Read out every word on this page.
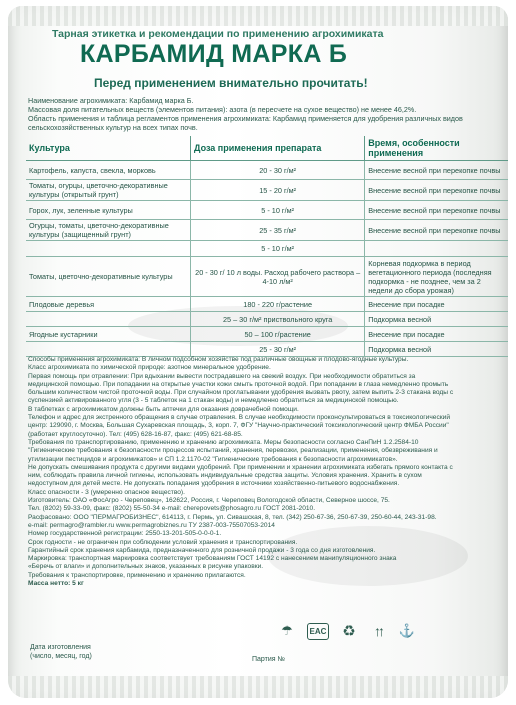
Тарная этикетка и рекомендации по применению агрохимиката
КАРБАМИД МАРКА Б
Перед применением внимательно прочитать!
Наименование агрохимиката: Карбамид марка Б.
Массовая доля питательных веществ (элементов питания): азота (в пересчете на сухое вещество) не менее 46,2%.
Область применения и таблица регламентов применения агрохимиката: Карбамид применяется для удобрения различных видов
сельскохозяйственных культур на всех типах почв.
Культура	Доза применения препарата	Время, особенности применения
Картофель, капуста, свекла, морковь	20 - 30 г/м²	Внесение весной при перекопке почвы
Томаты, огурцы, цветочно-декоративные культуры (открытый грунт)	15 - 20 г/м²	Внесение весной при перекопке почвы
Горох, лук, зеленные культуры	5 - 10 г/м²	Внесение весной при перекопке почвы
Огурцы, томаты, цветочно-декоративные культуры (защищенный грунт)	25 - 35 г/м²	Внесение весной при перекопке почвы
	5 - 10 г/м²	
Томаты, цветочно-декоративные культуры	20 - 30 г/ 10 л воды. Расход рабочего раствора – 4-10 л/м²	Корневая подкормка в период вегетационного периода (последняя подкормка - не позднее, чем за 2 недели до сбора урожая)
Плодовые деревья	180 - 220 г/растение	Внесение при посадке
	25 – 30 г/м² приствольного круга	Подкормка весной
Ягодные кустарники	50 – 100 г/растение	Внесение при посадке
	25 - 30 г/м²	Подкормка весной
Способы применения агрохимиката: В личном подсобном хозяйстве под различные овощные и плодово-ягодные культуры.
Класс агрохимиката по химической природе: азотное минеральное удобрение.
Первая помощь при отравлении: При вдыхании вывести пострадавшего на свежий воздух. При необходимости обратиться за
медицинской помощью. При попадании на открытые участки кожи смыть проточной водой. При попадании в глаза немедленно промыть
большим количеством чистой проточной воды. При случайном проглатывании удобрения вызвать рвоту, затем выпить 2-3 стакана воды с
суспензией активированного угля (3 - 5 таблеток на 1 стакан воды) и немедленно обратиться за медицинской помощью.
В таблетках с агрохимикатом должны быть аптечки для оказания доврачебной помощи.
Телефон и адрес для экстренного обращения в случае отравления. В случае необходимости проконсультироваться в токсикологический
центр: 129090, г. Москва, Большая Сухаревская площадь, 3, корп. 7, ФГУ "Научно-практический токсикологический центр ФМБА России"
(работает круглосуточно). Тел: (495) 628-16-87, факс: (495) 621-68-85.
Требования по транспортированию, применению и хранению агрохимиката. Меры безопасности согласно СанПиН 1.2.2584-10
"Гигиенические требования к безопасности процессов испытаний, хранения, перевозки, реализации, применения, обезвреживания и
утилизации пестицидов и агрохимикатов» и СП 1.2.1170-02 "Гигиенические требования к безопасности агрохимикатов».
Не допускать смешивания продукта с другими видами удобрений. При применении и хранении агрохимиката избегать прямого контакта с
ним, соблюдать правила личной гигиены, использовать индивидуальные средства защиты. Условия хранения. Хранить в сухом
недоступном для детей месте. Не допускать попадания удобрения в источники хозяйственно-питьевого водоснабжения.
Класс опасности - 3 (умеренно опасное вещество).
Изготовитель: ОАО «ФосАгро - Череповец», 162622, Россия, г. Череповец Вологодской области, Северное шоссе, 75.
Тел. (8202) 59-33-09, факс: (8202) 55-50-34 e-mail: cherepovets@phosagro.ru ГОСТ 2081-2010.
Расфасовано: ООО "ПЕРМАГРОБИЗНЕС", 614113, г. Пермь, ул. Сивашская, 8, тел. (342) 250-67-36, 250-67-39, 250-60-44, 243-31-98.
e-mail: permagro@rambler.ru www.permagrobiznes.ru ТУ 2387-003-75507053-2014
Номер государственной регистрации: 2550-13-201-505-0-0-0-1.
Срок годности - не ограничен при соблюдении условий хранения и транспортирования.
Гарантийный срок хранения карбамида, предназначенного для розничной продажи - 3 года со дня изготовления.
Маркировка: транспортная маркировка соответствует требованиям ГОСТ 14192 с нанесением манипуляционного знака
«Беречь от влаги» и дополнительных знаков, указанных в рисунке упаковки.
Требования к транспортировке, применению и хранению прилагаются.
Масса нетто: 5 кг
☂	EAC ♻	↑↑	⚓
Дата изготовления
(число, месяц, год)	Партия №
